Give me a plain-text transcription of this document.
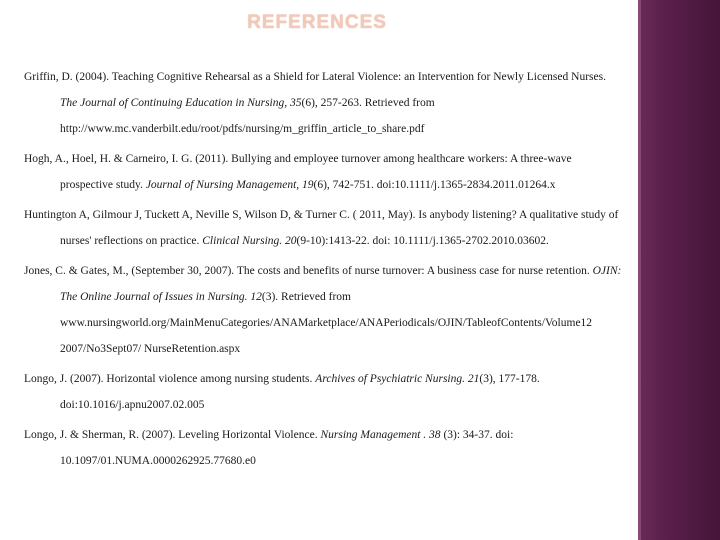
REFERENCES

Griffin, D. (2004). Teaching Cognitive Rehearsal as a Shield for Lateral Violence: an Intervention for Newly Licensed Nurses. The Journal of Continuing Education in Nursing, 35(6), 257-263. Retrieved from http://www.mc.vanderbilt.edu/root/pdfs/nursing/m_griffin_article_to_share.pdf

Hogh, A., Hoel, H. & Carneiro, I. G. (2011). Bullying and employee turnover among healthcare workers: A three-wave prospective study. Journal of Nursing Management, 19(6), 742-751. doi:10.1111/j.1365-2834.2011.01264.x

Huntington A, Gilmour J, Tuckett A, Neville S, Wilson D, & Turner C. ( 2011, May). Is anybody listening? A qualitative study of nurses' reflections on practice. Clinical Nursing. 20(9-10):1413-22. doi: 10.1111/j.1365-2702.2010.03602.

Jones, C. & Gates, M., (September 30, 2007). The costs and benefits of nurse turnover: A business case for nurse retention. OJIN: The Online Journal of Issues in Nursing. 12(3). Retrieved from www.nursingworld.org/MainMenuCategories/ANAMarketplace/ANAPeriodicals/OJIN/TableofContents/Volume12 2007/No3Sept07/ NurseRetention.aspx

Longo, J. (2007). Horizontal violence among nursing students. Archives of Psychiatric Nursing. 21(3), 177-178. doi:10.1016/j.apnu2007.02.005

Longo, J. & Sherman, R. (2007). Leveling Horizontal Violence. Nursing Management . 38 (3): 34-37. doi: 10.1097/01.NUMA.0000262925.77680.e0
